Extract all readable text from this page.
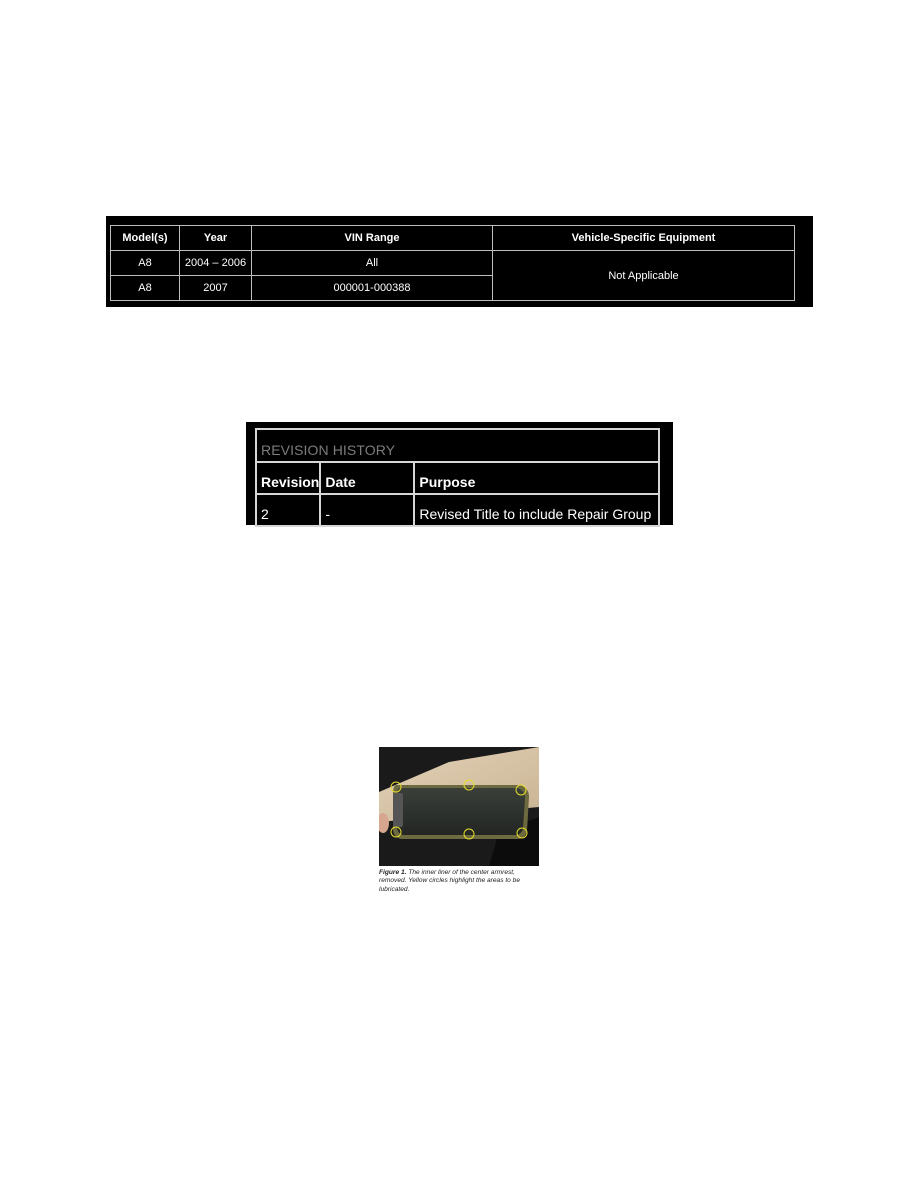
Model(s)	Year	VIN Range	Vehicle-Specific Equipment
A8	2004 – 2006	All	Not Applicable
A8	2007	000001-000388	
REVISION HISTORY		
Revision	Date	Purpose
2	-	Revised Title to include Repair Group
Figure 1. The inner liner of the center armrest, removed. Yellow circles highlight the areas to be lubricated.
